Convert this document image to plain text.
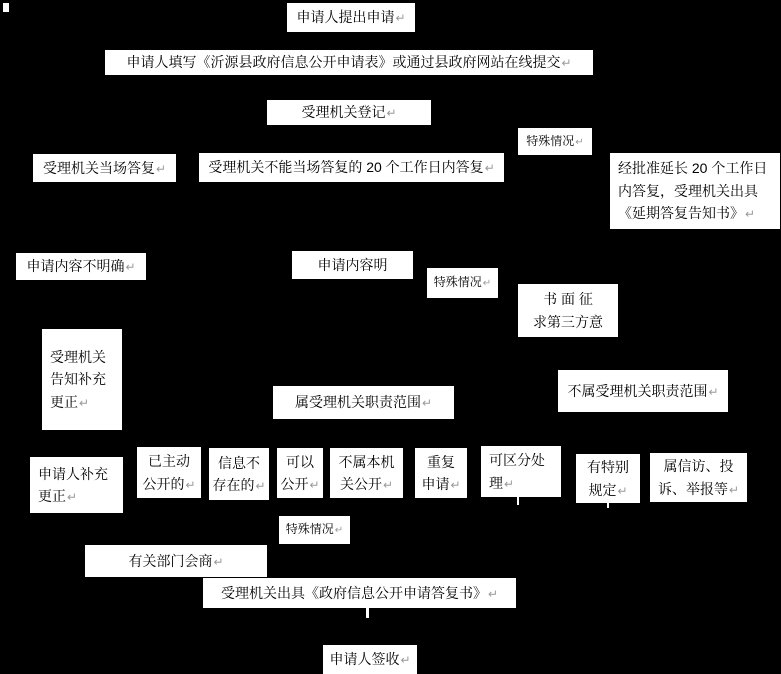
申请人提出申请↵
申请人填写《沂源县政府信息公开申请表》或通过县政府网站在线提交↵
受理机关登记↵
受理机关当场答复↵	受理机关不能当场答复的 20 个工作日内答复↵
特殊情况↵
经批准延长 20 个工作日
内答复，受理机关出具
《延期答复告知书》↵
申请内容不明确↵	申请内容明
特殊情况↵
书 面 征
求第三方意
受理机关
告知补充
更正↵	属受理机关职责范围↵
不属受理机关职责范围↵
申请人补充
更正↵
已主动
公开的↵
信息不
存在的↵
可以
公开↵
不属本机
关公开↵
重复
申请↵
可区分处
理↵
有特别
规定↵
属信访、投
诉、举报等↵
特殊情况↵
有关部门会商↵
受理机关出具《政府信息公开申请答复书》↵
申请人签收↵
